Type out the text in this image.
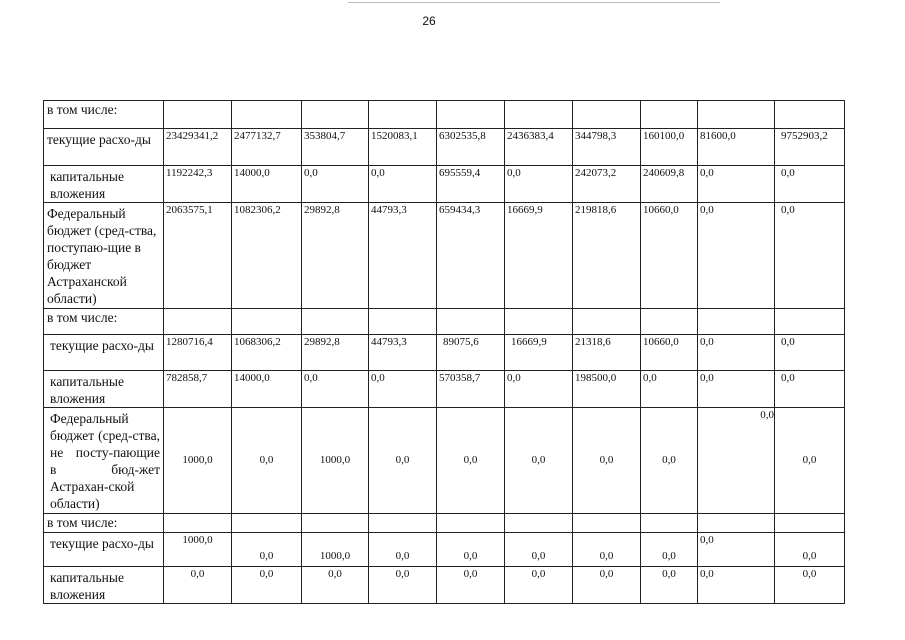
26
в том числе:										
текущие расхо-ды	23429341,2	2477132,7	353804,7	1520083,1	6302535,8	2436383,4	344798,3	160100,0	81600,0	9752903,2
капитальные вложения	1192242,3	14000,0	0,0	0,0	695559,4	0,0	242073,2	240609,8	0,0	0,0
Федеральный бюджет (сред-ства, поступаю-щие в бюджет Астраханской области)	2063575,1	1082306,2	29892,8	44793,3	659434,3	16669,9	219818,6	10660,0	0,0	0,0
в том числе:										
текущие расхо-ды	1280716,4	1068306,2	29892,8	44793,3	89075,6	16669,9	21318,6	10660,0	0,0	0,0
капитальные вложения	782858,7	14000,0	0,0	0,0	570358,7	0,0	198500,0	0,0	0,0	0,0
Федеральный бюджет (сред-ства, не посту-пающие в бюд-жет Астрахан-ской области)	1000,0	0,0	1000,0	0,0	0,0	0,0	0,0	0,0	0,0	0,0
в том числе:										
текущие расхо-ды	1000,0	0,0	1000,0	0,0	0,0	0,0	0,0	0,0	0,0	0,0
капитальные вложения	0,0	0,0	0,0	0,0	0,0	0,0	0,0	0,0	0,0	0,0
